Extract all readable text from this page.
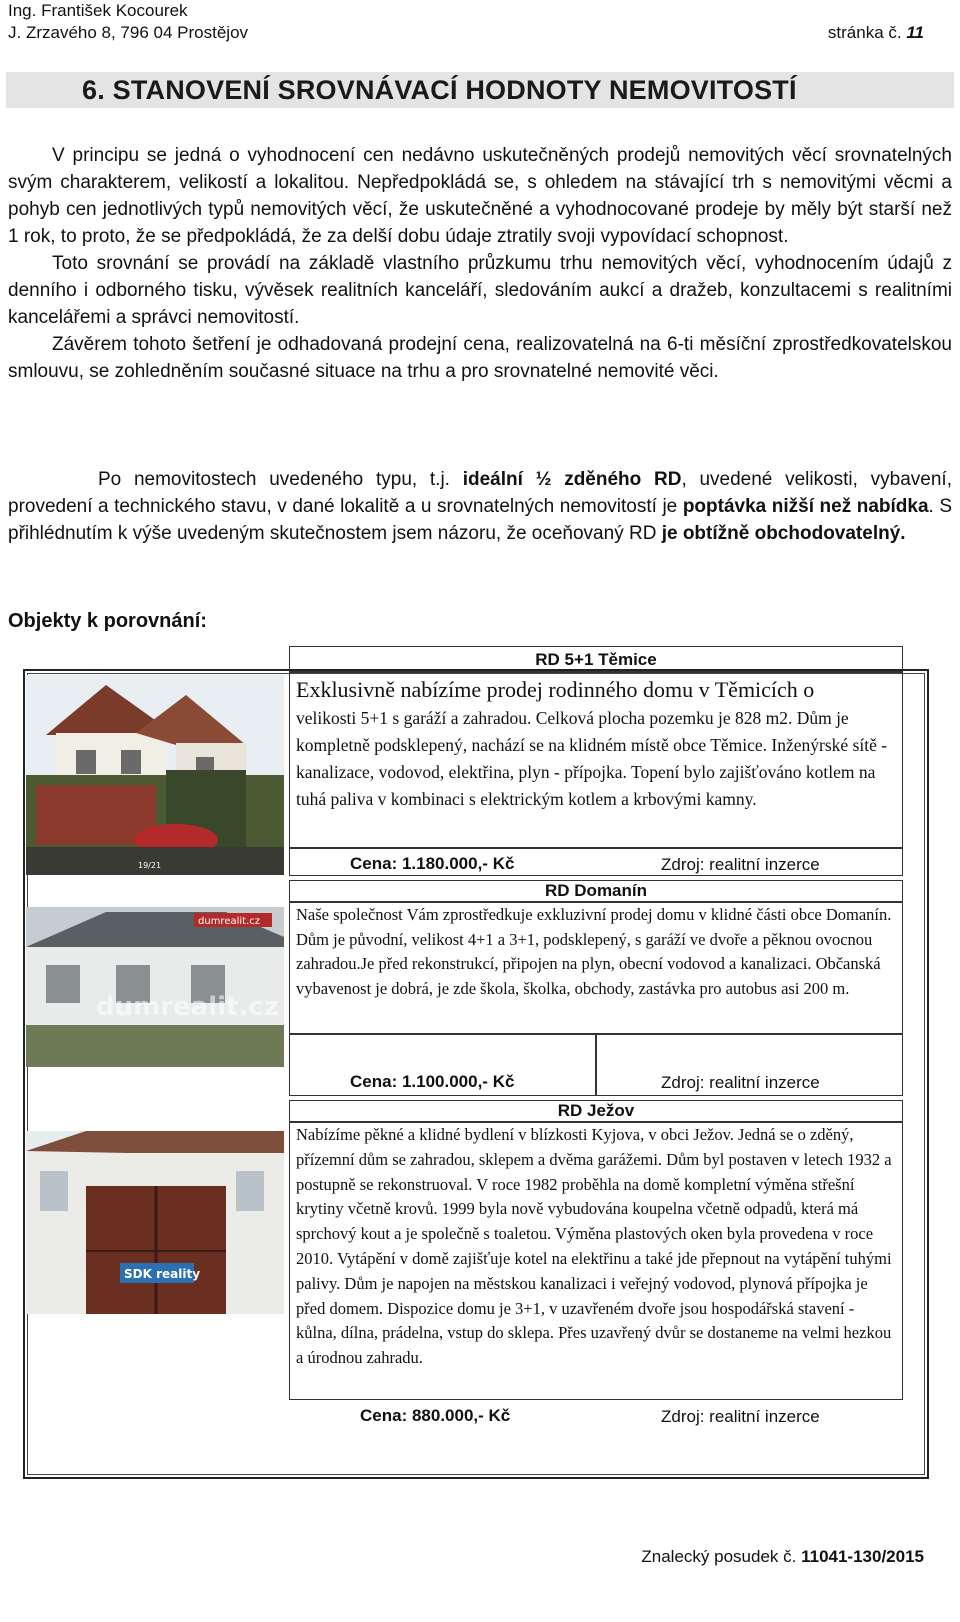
Ing. František Kocourek
J. Zrzavého 8, 796 04 Prostějov	stránka č. 11
6. STANOVENÍ SROVNÁVACÍ HODNOTY NEMOVITOSTÍ
V principu se jedná o vyhodnocení cen nedávno uskutečněných prodejů nemovitých věcí srovnatelných svým charakterem, velikostí a lokalitou. Nepředpokládá se, s ohledem na stávající trh s nemovitými věcmi a pohyb cen jednotlivých typů nemovitých věcí, že uskutečněné a vyhodnocované prodeje by měly být starší než 1 rok, to proto, že se předpokládá, že za delší dobu údaje ztratily svoji vypovídací schopnost.
Toto srovnání se provádí na základě vlastního průzkumu trhu nemovitých věcí, vyhodnocením údajů z denního i odborného tisku, vývěsek realitních kanceláří, sledováním aukcí a dražeb, konzultacemi s realitními kancelářemi a správci nemovitostí.
Závěrem tohoto šetření je odhadovaná prodejní cena, realizovatelná na 6-ti měsíční zprostředkovatelskou smlouvu, se zohledněním současné situace na trhu a pro srovnatelné nemovité věci.
Po nemovitostech uvedeného typu, t.j. ideální ½ zděného RD, uvedené velikosti, vybavení, provedení a technického stavu, v dané lokalitě a u srovnatelných nemovitostí je poptávka nižší než nabídka. S přihlédnutím k výše uvedeným skutečnostem jsem názoru, že oceňovaný RD je obtížně obchodovatelný.
Objekty k porovnání:
19/21
RD 5+1 Těmice
Exklusivně nabízíme prodej rodinného domu v Těmicích o
velikosti 5+1 s garáží a zahradou. Celková plocha pozemku je 828 m2. Dům je kompletně podsklepený, nachází se na klidném místě obce Těmice. Inženýrské sítě - kanalizace, vodovod, elektřina, plyn - přípojka. Topení bylo zajišťováno kotlem na tuhá paliva v kombinaci s elektrickým kotlem a krbovými kamny.
Cena: 1.180.000,- Kč	Zdroj: realitní inzerce
dumrealit.cz
dumrealit.cz
RD Domanín
Naše společnost Vám zprostředkuje exkluzivní prodej domu v klidné části obce Domanín. Dům je původní, velikost 4+1 a 3+1, podsklepený, s garáží ve dvoře a pěknou ovocnou zahradou.Je před rekonstrukcí, připojen na plyn, obecní vodovod a kanalizaci. Občanská vybavenost je dobrá, je zde škola, školka, obchody, zastávka pro autobus asi 200 m.
Cena: 1.100.000,- Kč	Zdroj: realitní inzerce
SDK reality
RD Ježov
Nabízíme pěkné a klidné bydlení v blízkosti Kyjova, v obci Ježov. Jedná se o zděný, přízemní dům se zahradou, sklepem a dvěma garážemi. Dům byl postaven v letech 1932 a postupně se rekonstruoval. V roce 1982 proběhla na domě kompletní výměna střešní krytiny včetně krovů. 1999 byla nově vybudována koupelna včetně odpadů, která má sprchový kout a je společně s toaletou. Výměna plastových oken byla provedena v roce 2010. Vytápění v domě zajišťuje kotel na elektřinu a také jde přepnout na vytápění tuhými palivy. Dům je napojen na městskou kanalizaci i veřejný vodovod, plynová přípojka je před domem. Dispozice domu je 3+1, v uzavřeném dvoře jsou hospodářská stavení - kůlna, dílna, prádelna, vstup do sklepa. Přes uzavřený dvůr se dostaneme na velmi hezkou a úrodnou zahradu.
Cena: 880.000,- Kč	Zdroj: realitní inzerce
Znalecký posudek č. 11041-130/2015
